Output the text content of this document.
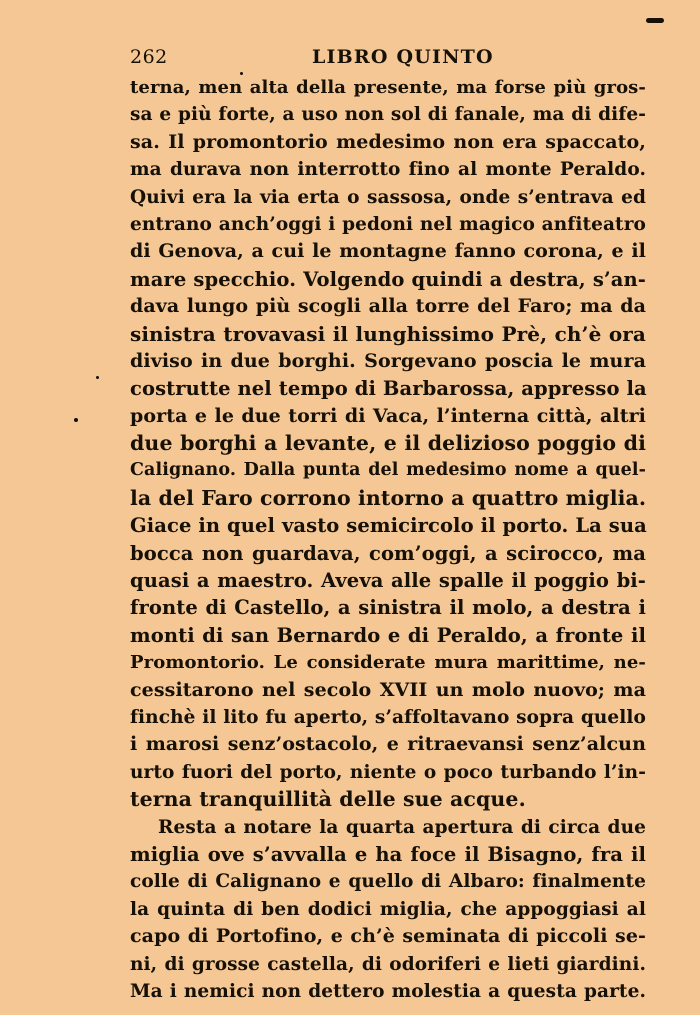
262	LIBRO QUINTO
terna, men alta della presente, ma forse più gros-
sa e più forte, a uso non sol di fanale, ma di dife-
sa. Il promontorio medesimo non era spaccato,
ma durava non interrotto fino al monte Peraldo.
Quivi era la via erta o sassosa, onde s’entrava ed
entrano anch’oggi i pedoni nel magico anfiteatro
di Genova, a cui le montagne fanno corona, e il
mare specchio. Volgendo quindi a destra, s’an-
dava lungo più scogli alla torre del Faro; ma da
sinistra trovavasi il lunghissimo Prè, ch’è ora
diviso in due borghi. Sorgevano poscia le mura
costrutte nel tempo di Barbarossa, appresso la
porta e le due torri di Vaca, l’interna città, altri
due borghi a levante, e il delizioso poggio di
Calignano. Dalla punta del medesimo nome a quel-
la del Faro corrono intorno a quattro miglia.
Giace in quel vasto semicircolo il porto. La sua
bocca non guardava, com’oggi, a scirocco, ma
quasi a maestro. Aveva alle spalle il poggio bi-
fronte di Castello, a sinistra il molo, a destra i
monti di san Bernardo e di Peraldo, a fronte il
Promontorio. Le considerate mura marittime, ne-
cessitarono nel secolo XVII un molo nuovo; ma
finchè il lito fu aperto, s’affoltavano sopra quello
i marosi senz’ostacolo, e ritraevansi senz’alcun
urto fuori del porto, niente o poco turbando l’in-
terna tranquillità delle sue acque.
Resta a notare la quarta apertura di circa due
miglia ove s’avvalla e ha foce il Bisagno, fra il
colle di Calignano e quello di Albaro: finalmente
la quinta di ben dodici miglia, che appoggiasi al
capo di Portofino, e ch’è seminata di piccoli se-
ni, di grosse castella, di odoriferi e lieti giardini.
Ma i nemici non dettero molestia a questa parte.
